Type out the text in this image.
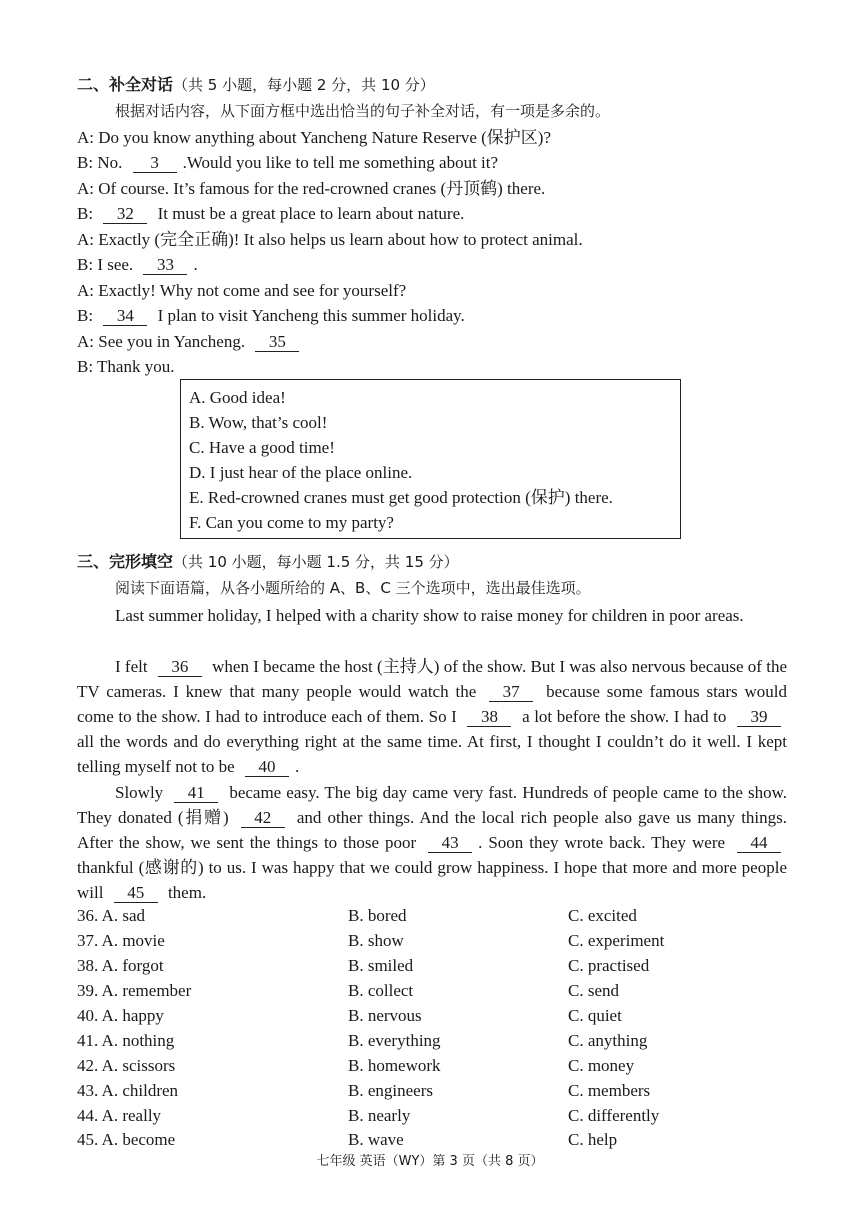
二、补全对话（共 5 小题，每小题 2 分，共 10 分）
根据对话内容，从下面方框中选出恰当的句子补全对话，有一项是多余的。
A: Do you know anything about Yancheng Nature Reserve (保护区)?
B: No. 3 .Would you like to tell me something about it?
A: Of course. It’s famous for the red-crowned cranes (丹顶鹤) there.
B: 32 It must be a great place to learn about nature.
A: Exactly (完全正确)! It also helps us learn about how to protect animal.
B: I see. 33 .
A: Exactly! Why not come and see for yourself?
B: 34 I plan to visit Yancheng this summer holiday.
A: See you in Yancheng. 35
B: Thank you.
A. Good idea!
B. Wow, that’s cool!
C. Have a good time!
D. I just hear of the place online.
E. Red-crowned cranes must get good protection (保护) there.
F. Can you come to my party?
三、完形填空（共 10 小题，每小题 1.5 分，共 15 分）
阅读下面语篇，从各小题所给的 A、B、C 三个选项中，选出最佳选项。
Last summer holiday, I helped with a charity show to raise money for children in poor areas.
I felt 36 when I became the host (主持人) of the show. But I was also nervous because of the TV cameras. I knew that many people would watch the 37 because some famous stars would come to the show. I had to introduce each of them. So I 38 a lot before the show. I had to 39 all the words and do everything right at the same time. At first, I thought I couldn’t do it well. I kept telling myself not to be 40 .
Slowly 41 became easy. The big day came very fast. Hundreds of people came to the show. They donated (捐赠) 42 and other things. And the local rich people also gave us many things. After the show, we sent the things to those poor 43 . Soon they wrote back. They were 44 thankful (感谢的) to us. I was happy that we could grow happiness. I hope that more and more people will 45 them.
36. A. sad	B. bored	C. excited
37. A. movie	B. show	C. experiment
38. A. forgot	B. smiled	C. practised
39. A. remember	B. collect	C. send
40. A. happy	B. nervous	C. quiet
41. A. nothing	B. everything	C. anything
42. A. scissors	B. homework	C. money
43. A. children	B. engineers	C. members
44. A. really	B. nearly	C. differently
45. A. become	B. wave	C. help
七年级 英语（WY）第 3 页（共 8 页）
